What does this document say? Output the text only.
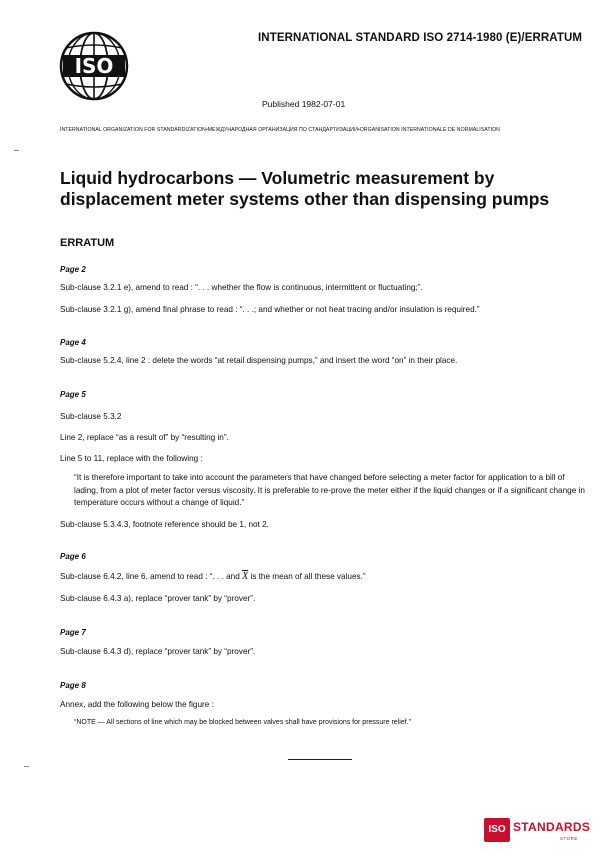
ISO
INTERNATIONAL STANDARD ISO 2714-1980 (E)/ERRATUM
Published 1982-07-01
INTERNATIONAL ORGANIZATION FOR STANDARDIZATION•МЕЖДУНАРОДНАЯ ОРГАНИЗАЦИЯ ПО СТАНДАРТИЗАЦИИ•ORGANISATION INTERNATIONALE DE NORMALISATION
Liquid hydrocarbons — Volumetric measurement by
displacement meter systems other than dispensing pumps
ERRATUM
Page 2
Sub-clause 3.2.1 e), amend to read : “. . . whether the flow is continuous, intermittent or fluctuating;”.
Sub-clause 3.2.1 g), amend final phrase to read : “. . .; and whether or not heat tracing and/or insulation is required.”
Page 4
Sub-clause 5.2.4, line 2 : delete the words “at retail dispensing pumps,” and insert the word “on” in their place.
Page 5
Sub-clause 5.3.2
Line 2, replace “as a result of” by “resulting in”.
Line 5 to 11, replace with the following :
“It is therefore important to take into account the parameters that have changed before selecting a meter factor for application to a bill of lading, from a plot of meter factor versus viscosity. It is preferable to re-prove the meter either if the liquid changes or if a significant change in temperature occurs without a change of liquid.”
Sub-clause 5.3.4.3, footnote reference should be 1, not 2.
Page 6
Sub-clause 6.4.2, line 6, amend to read : “. . . and $\overline{X}$ is the mean of all these values.”
Sub-clause 6.4.3 a), replace “prover tank” by “prover”.
Page 7
Sub-clause 6.4.3 d), replace “prover tank” by “prover”.
Page 8
Annex, add the following below the figure :
“NOTE — All sections of line which may be blocked between valves shall have provisions for pressure relief.”
ISO STANDARDS
STORE
